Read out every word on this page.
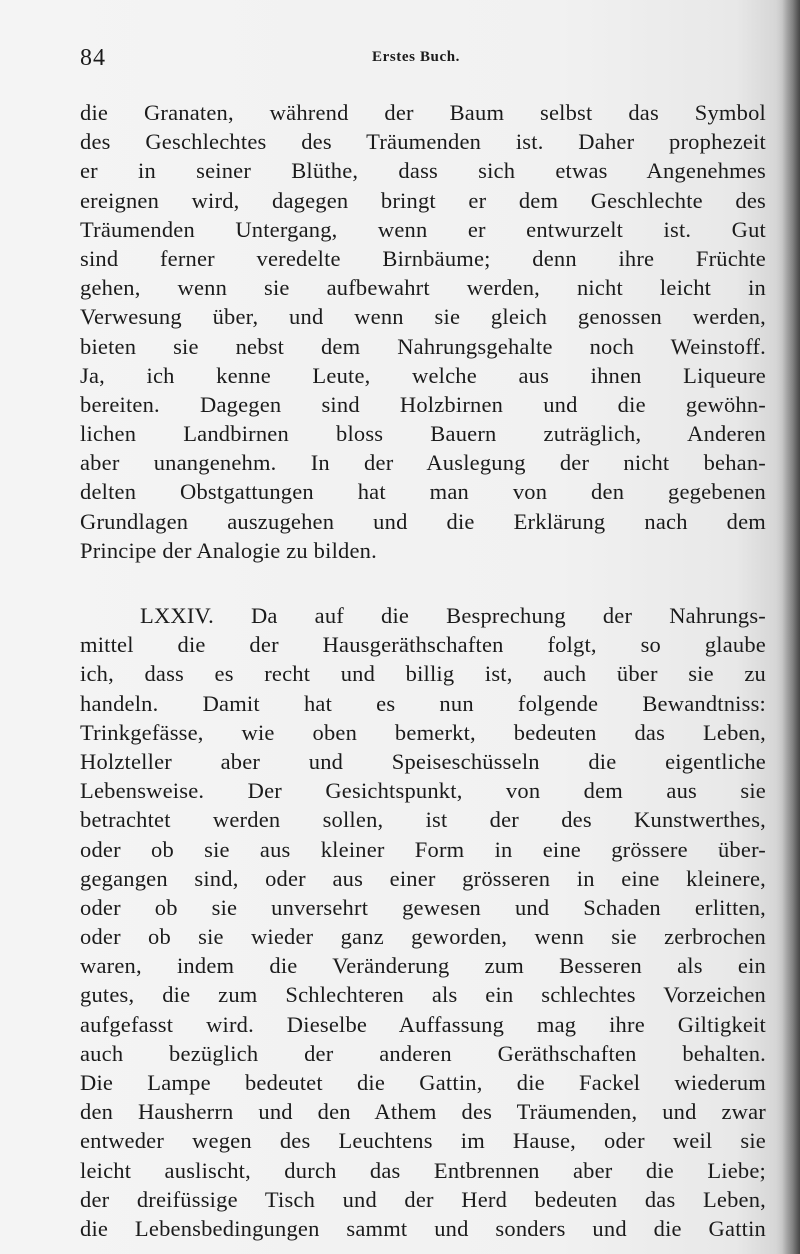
84	Erstes Buch.
die Granaten, während der Baum selbst das Symbol
des Geschlechtes des Träumenden ist. Daher prophezeit
er in seiner Blüthe, dass sich etwas Angenehmes
ereignen wird, dagegen bringt er dem Geschlechte des
Träumenden Untergang, wenn er entwurzelt ist. Gut
sind ferner veredelte Birnbäume; denn ihre Früchte
gehen, wenn sie aufbewahrt werden, nicht leicht in
Verwesung über, und wenn sie gleich genossen werden,
bieten sie nebst dem Nahrungsgehalte noch Weinstoff.
Ja, ich kenne Leute, welche aus ihnen Liqueure
bereiten. Dagegen sind Holzbirnen und die gewöhn-
lichen Landbirnen bloss Bauern zuträglich, Anderen
aber unangenehm. In der Auslegung der nicht behan-
delten Obstgattungen hat man von den gegebenen
Grundlagen auszugehen und die Erklärung nach dem
Principe der Analogie zu bilden.
LXXIV. Da auf die Besprechung der Nahrungs-
mittel die der Hausgeräthschaften folgt, so glaube
ich, dass es recht und billig ist, auch über sie zu
handeln. Damit hat es nun folgende Bewandtniss:
Trinkgefässe, wie oben bemerkt, bedeuten das Leben,
Holzteller aber und Speiseschüsseln die eigentliche
Lebensweise. Der Gesichtspunkt, von dem aus sie
betrachtet werden sollen, ist der des Kunstwerthes,
oder ob sie aus kleiner Form in eine grössere über-
gegangen sind, oder aus einer grösseren in eine kleinere,
oder ob sie unversehrt gewesen und Schaden erlitten,
oder ob sie wieder ganz geworden, wenn sie zerbrochen
waren, indem die Veränderung zum Besseren als ein
gutes, die zum Schlechteren als ein schlechtes Vorzeichen
aufgefasst wird. Dieselbe Auffassung mag ihre Giltigkeit
auch bezüglich der anderen Geräthschaften behalten.
Die Lampe bedeutet die Gattin, die Fackel wiederum
den Hausherrn und den Athem des Träumenden, und zwar
entweder wegen des Leuchtens im Hause, oder weil sie
leicht auslischt, durch das Entbrennen aber die Liebe;
der dreifüssige Tisch und der Herd bedeuten das Leben,
die Lebensbedingungen sammt und sonders und die Gattin
